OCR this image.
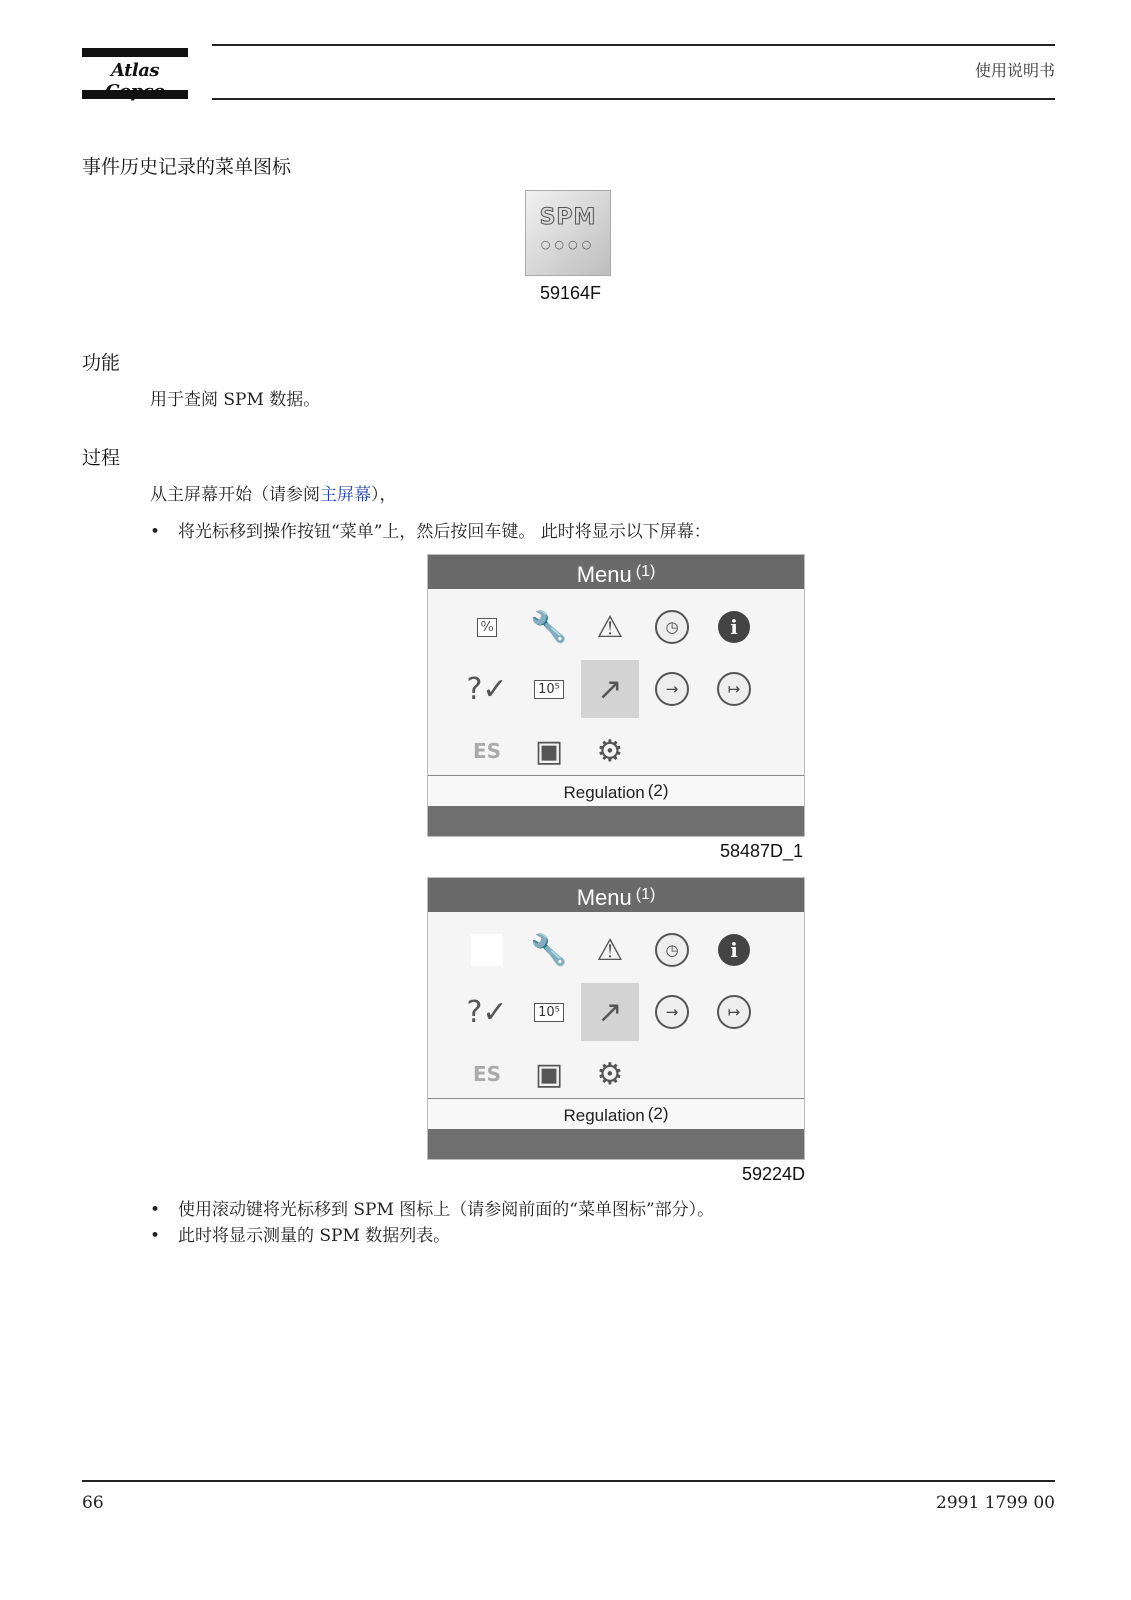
Atlas	使用说明书
事件历史记录的菜单图标
SPM
○○○○
59164F
功能
用于查阅 SPM 数据。
过程
从主屏幕开始（请参阅主屏幕），
• 将光标移到操作按钮“菜单”上，然后按回车键。 此时将显示以下屏幕：
Menu $^{(1)}$
⁰⁄₀	🔧 ⚠	◷	i
?✓	10⁵	↗	→	↦
ES	▣	⚙
Regulation $^{(2)}$
58487D_1
Menu $^{(1)}$
🔧 ⚠	◷	i
?✓	10⁵	↗	→	↦
ES	▣	⚙
Regulation $^{(2)}$
59224D
• 使用滚动键将光标移到 SPM 图标上（请参阅前面的“菜单图标”部分）。
• 此时将显示测量的 SPM 数据列表。
66	2991 1799 00
